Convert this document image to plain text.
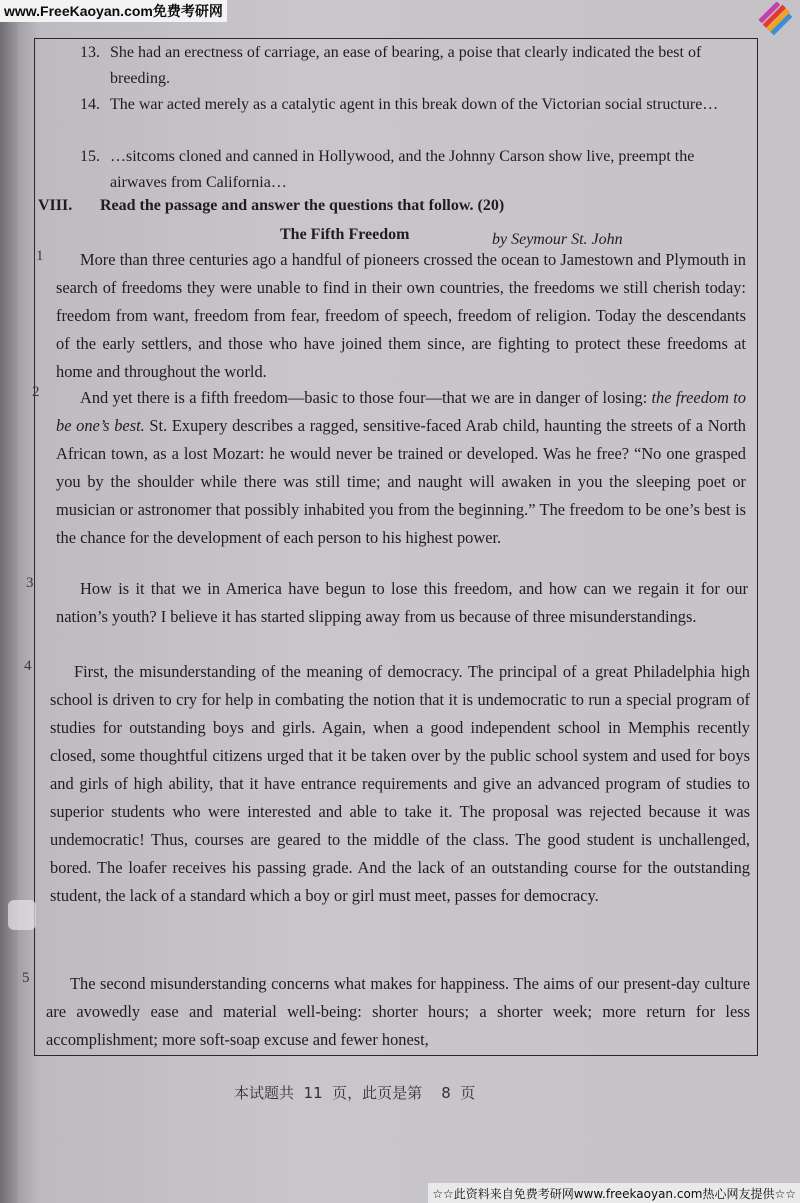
www.FreeKaoyan.com免费考研网
13. She had an erectness of carriage, an ease of bearing, a poise that clearly indicated the best of breeding.
14. The war acted merely as a catalytic agent in this break down of the Victorian social structure…
15. …sitcoms cloned and canned in Hollywood, and the Johnny Carson show live, preempt the airwaves from California…
VIII. Read the passage and answer the questions that follow. (20)
The Fifth Freedom	by Seymour St. John
1	More than three centuries ago a handful of pioneers crossed the ocean to Jamestown and Plymouth in search of freedoms they were unable to find in their own countries, the freedoms we still cherish today: freedom from want, freedom from fear, freedom of speech, freedom of religion. Today the descendants of the early settlers, and those who have joined them since, are fighting to protect these freedoms at home and throughout the world.
2	And yet there is a fifth freedom—basic to those four—that we are in danger of losing: the freedom to be one’s best. St. Exupery describes a ragged, sensitive-faced Arab child, haunting the streets of a North African town, as a lost Mozart: he would never be trained or developed. Was he free? “No one grasped you by the shoulder while there was still time; and naught will awaken in you the sleeping poet or musician or astronomer that possibly inhabited you from the beginning.” The freedom to be one’s best is the chance for the development of each person to his highest power.
3	How is it that we in America have begun to lose this freedom, and how can we regain it for our nation’s youth? I believe it has started slipping away from us because of three misunderstandings.
4	First, the misunderstanding of the meaning of democracy. The principal of a great Philadelphia high school is driven to cry for help in combating the notion that it is undemocratic to run a special program of studies for outstanding boys and girls. Again, when a good independent school in Memphis recently closed, some thoughtful citizens urged that it be taken over by the public school system and used for boys and girls of high ability, that it have entrance requirements and give an advanced program of studies to superior students who were interested and able to take it. The proposal was rejected because it was undemocratic! Thus, courses are geared to the middle of the class. The good student is unchallenged, bored. The loafer receives his passing grade. And the lack of an outstanding course for the outstanding student, the lack of a standard which a boy or girl must meet, passes for democracy.
5	The second misunderstanding concerns what makes for happiness. The aims of our present-day culture are avowedly ease and material well-being: shorter hours; a shorter week; more return for less accomplishment; more soft-soap excuse and fewer honest,
本试题共  11  页，此页是第    8  页
☆☆此资料来自免费考研网www.freekaoyan.com热心网友提供☆☆
